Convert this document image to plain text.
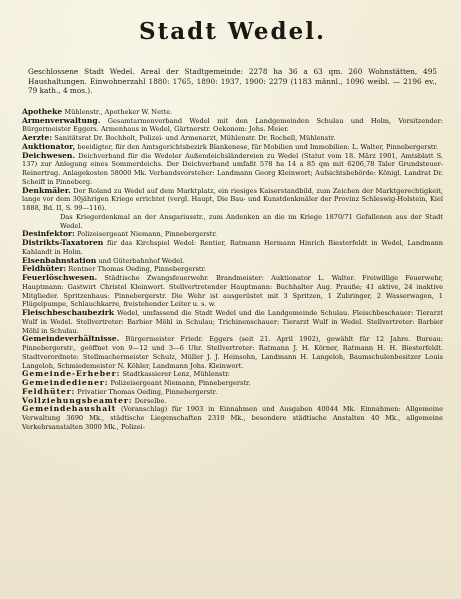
Stadt Wedel.

Geschlossene Stadt Wedel. Areal der Stadtgemeinde: 2278 ha 36 a 63 qm. 260 Wohnstätten, 495 Haushaltungen. Einwohnerzahl 1880: 1765, 1890: 1937, 1900: 2279 (1183 männl., 1096 weibl. — 2196 ev., 79 kath., 4 mos.).

Apotheke Mühlenstr., Apotheker W. Nette.

Armenverwaltung. Gesamtarmenverband Wedel mit den Landgemeinden Schulau und Holm, Vorsitzender: Bürgermeister Eggers. Armenhaus in Wedel, Gärtnerstr. Oekonom: Johs. Meier.

Aerzte: Sanitätsrat Dr. Bochholt, Polizei- und Armenarzt, Mühlenstr. Dr. Rochell, Mühlenstr.

Auktionator, beeidigter, für den Amtsgerichtsbezirk Blankenese, für Mobilien und Immobilien: L. Walter, Pinnebergerstr.

Deichwesen. Deichverband für die Wedeler Außendeichsländereien zu Wedel (Statut vom 18. März 1901, Amtsblatt S. 137) zur Anlegung eines Sommerdeichs. Der Deichverband umfaßt 578 ha 14 a 85 qm mit 6206,78 Taler Grundsteuer-Reinertrag. Anlagekosten 58000 Mk. Verbandsvorsteher: Landmann Georg Kleinwort; Aufsichtsbehörde: Königl. Landrat Dr. Scheiff in Pinneberg.

Denkmäler. Der Roland zu Wedel auf dem Marktplatz, ein riesiges Kaiserstandbild, zum Zeichen der Marktgerechtigkeit, lange vor dem 30jährigen Kriege errichtet (vergl. Haupt, Die Bau- und Kunstdenkmäler der Provinz Schleswig-Holstein, Kiel 1888, Bd. II, S. 99—116).
Das Kriegerdenkmal an der Ansgariusstr., zum Andenken an die im Kriege 1870/71 Gefallenen aus der Stadt Wedel.

Desinfektor: Polizeisergeant Niemann, Pinnebergerstr.

Distrikts-Taxatoren für das Kirchspiel Wedel: Rentier, Ratmann Hermann Hinrich Biesterfeldt in Wedel, Landmann Kahlandt in Holm.

Eisenbahnstation und Güterbahnhof Wedel.

Feldhüter: Rentner Thomas Oeding, Pinnebergerstr.

Feuerlöschwesen. Städtische Zwangsfeuerwehr. Brandmeister: Auktionator L. Walter. Freiwillige Feuerwehr, Hauptmann: Gastwirt Christel Kleinwort. Stellvertretender Hauptmann: Buchhalter Aug. Prauße; 41 aktive, 24 inaktive Mitglieder. Spritzenhaus: Pinnebergerstr. Die Wehr ist ausgerüstet mit 3 Spritzen, 1 Zubringer, 2 Wasserwagen, 1 Flügelpumpe, Schlauchkarre, freistehender Leiter u. s. w.

Fleischbeschaubezirk Wedel, umfassend die Stadt Wedel und die Landgemeinde Schulau. Fleischbeschauer: Tierarzt Wulf in Wedel. Stellvertreter: Barbier Möhl in Schulau; Trichinenschauer: Tierarzt Wulf in Wedel. Stellvertreter: Barbier Möhl in Schulau.

Gemeindeverhältnisse. Bürgermeister Friedr. Eggers (seit 21. April 1902), gewählt für 12 Jahre. Bureau: Pinnebergerstr., geöffnet von 9—12 und 3—6 Uhr. Stellvertreter: Ratmann J. H. Körner, Ratmann H. H. Biesterfeldt. Stadtverordnete: Stellmachermeister Schulz, Müller J. J. Heinsohn, Landmann H. Langeloh, Baumschulenbesitzer Louis Langeloh, Schmiedemeister N. Köhler, Landmann Johs. Kleinwort.

Gemeinde-Erheber: Stadtkassierer Lenz, Mühlenstr.

Gemeindediener: Polizeisergeant Niemann, Pinnebergerstr.

Feldhüter: Privatier Thomas Oeding, Pinnebergerstr.

Vollziehungsbeamter: Derselbe.

Gemeindehaushalt (Voranschlag) für 1903 in Einnahmen und Ausgaben 40044 Mk. Einnahmen: Allgemeine Verwaltung 3690 Mk., städtische Liegenschaften 2310 Mk., besondere städtische Anstalten 40 Mk., allgemeine Verkehrsanstalten 3000 Mk., Polizei-
